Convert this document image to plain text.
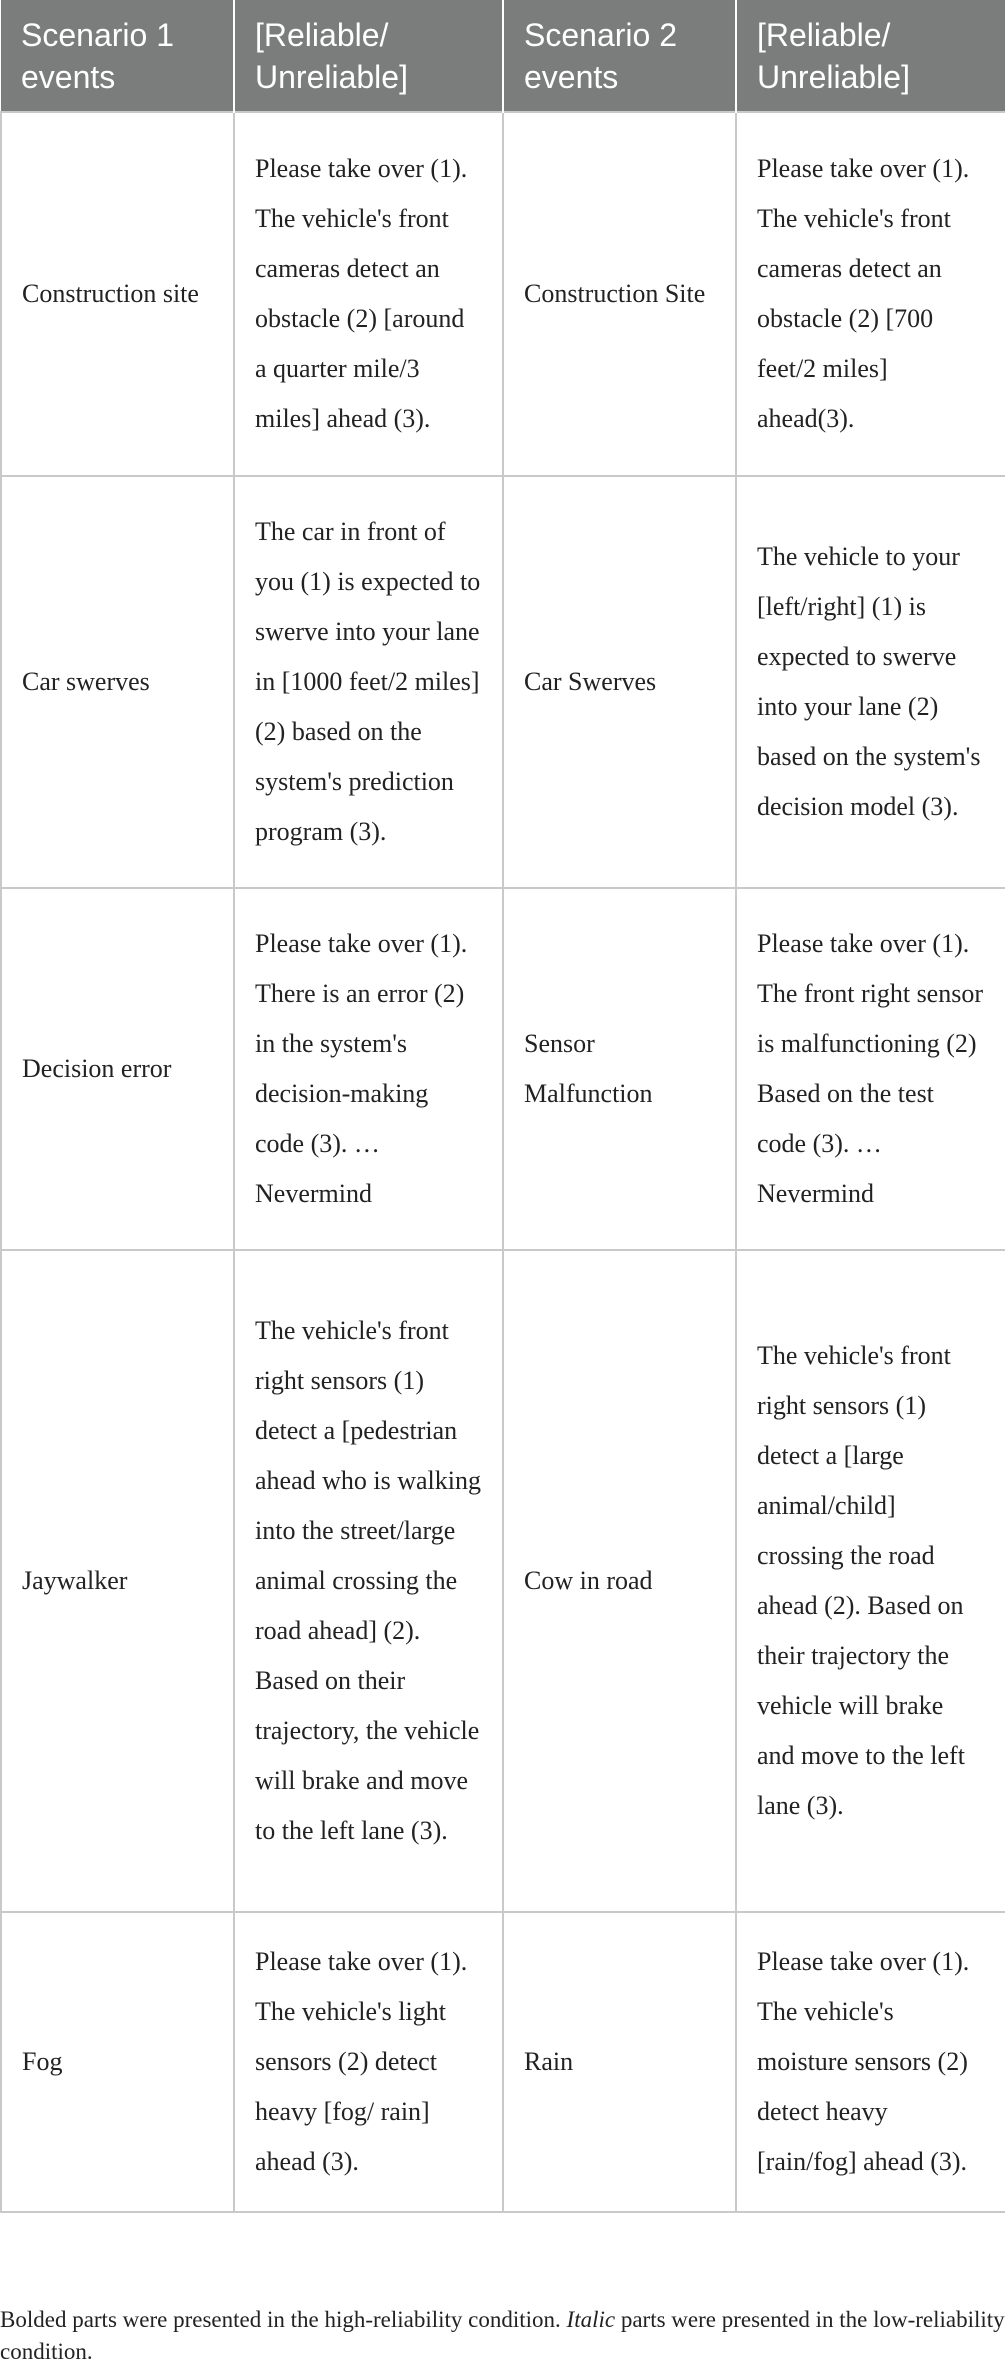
Scenario 1 events	[Reliable/ Unreliable]	Scenario 2 events	[Reliable/ Unreliable]
Construction site	Please take over (1). The vehicle's front cameras detect an obstacle (2) [around a quarter mile/3 miles] ahead (3).	Construction Site	Please take over (1). The vehicle's front cameras detect an obstacle (2) [700 feet/2 miles] ahead(3).
Car swerves	The car in front of you (1) is expected to swerve into your lane in [1000 feet/2 miles] (2) based on the system's prediction program (3).	Car Swerves	The vehicle to your [left/right] (1) is expected to swerve into your lane (2) based on the system's decision model (3).
Decision error	Please take over (1). There is an error (2) in the system's decision-making code (3). …Nevermind	Sensor Malfunction	Please take over (1). The front right sensor is malfunctioning (2) Based on the test code (3). …Nevermind
Jaywalker	The vehicle's front right sensors (1) detect a [pedestrian ahead who is walking into the street/large animal crossing the road ahead] (2). Based on their trajectory, the vehicle will brake and move to the left lane (3).	Cow in road	The vehicle's front right sensors (1) detect a [large animal/child] crossing the road ahead (2). Based on their trajectory the vehicle will brake and move to the left lane (3).
Fog	Please take over (1). The vehicle's light sensors (2) detect heavy [fog/ rain] ahead (3).	Rain	Please take over (1). The vehicle's moisture sensors (2) detect heavy [rain/fog] ahead (3).

Bolded parts were presented in the high-reliability condition. Italic parts were presented in the low-reliability condition.
